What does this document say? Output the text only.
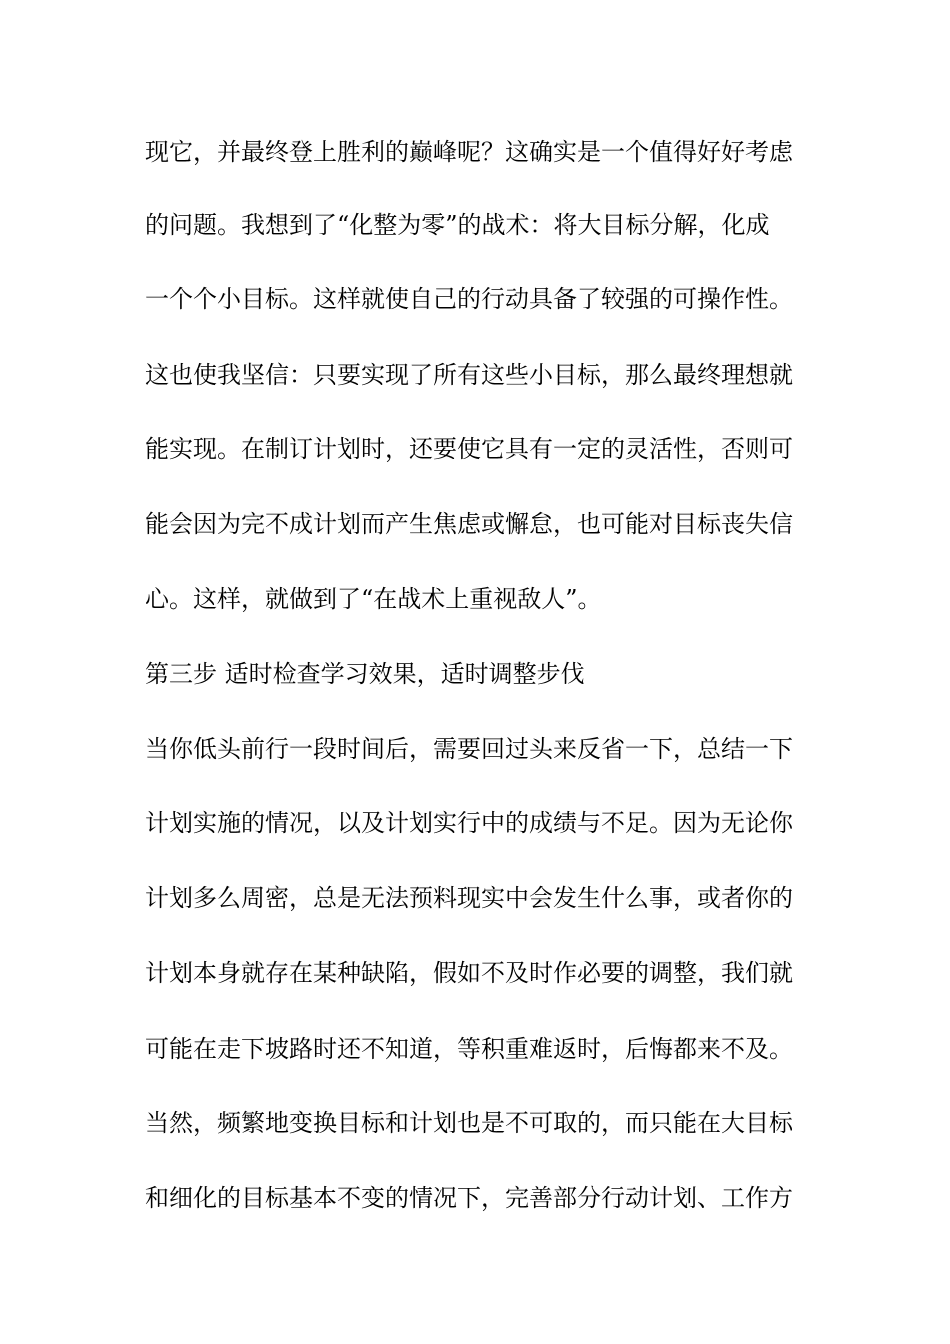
现它，并最终登上胜利的巅峰呢？这确实是一个值得好好考虑
的问题。我想到了“化整为零”的战术：将大目标分解，化成
一个个小目标。这样就使自己的行动具备了较强的可操作性。
这也使我坚信：只要实现了所有这些小目标，那么最终理想就
能实现。在制订计划时，还要使它具有一定的灵活性，否则可
能会因为完不成计划而产生焦虑或懈怠，也可能对目标丧失信
心。这样，就做到了“在战术上重视敌人”。
第三步 适时检查学习效果，适时调整步伐
当你低头前行一段时间后，需要回过头来反省一下，总结一下
计划实施的情况，以及计划实行中的成绩与不足。因为无论你
计划多么周密，总是无法预料现实中会发生什么事，或者你的
计划本身就存在某种缺陷，假如不及时作必要的调整，我们就
可能在走下坡路时还不知道，等积重难返时，后悔都来不及。
当然，频繁地变换目标和计划也是不可取的，而只能在大目标
和细化的目标基本不变的情况下，完善部分行动计划、工作方
